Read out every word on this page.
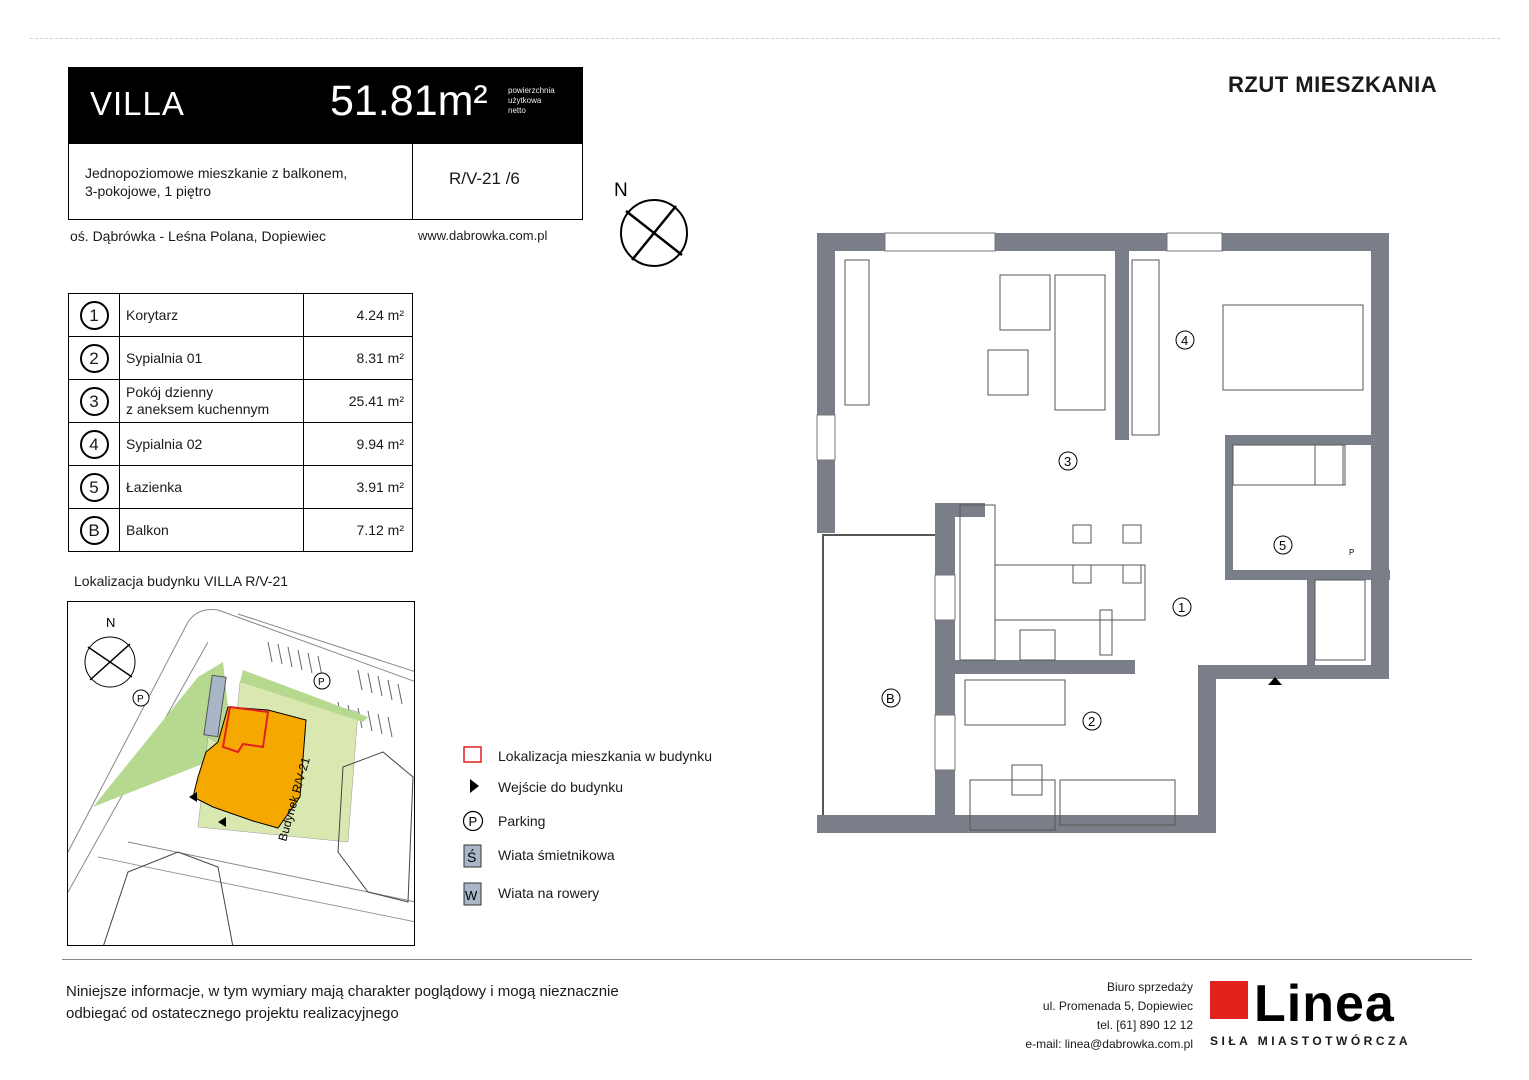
VILLA	51.81m²	powierzchnia
użytkowa
netto
Jednopoziomowe mieszkanie z balkonem,
3-pokojowe, 1 piętro
R/V-21 /6
oś. Dąbrówka - Leśna Polana, Dopiewiec	www.dabrowka.com.pl
1	Korytarz	4.24 m²
2	Sypialnia 01	8.31 m²
3	Pokój dzienny
z aneksem kuchennym	25.41 m²
4	Sypialnia 02	9.94 m²
5	Łazienka	3.91 m²
B	Balkon	7.12 m²
Lokalizacja budynku VILLA R/V-21
N
P
P
Budynek R/V-21	Lokalizacja mieszkania w budynku
Wejście do budynku
P Parking
Ś Wiata śmietnikowa
W Wiata na rowery
RZUT MIESZKANIA
N
3
1
2
4
5
B
P
Niniejsze informacje, w tym wymiary mają charakter poglądowy i mogą nieznacznie
odbiegać od ostatecznego projektu realizacyjnego
Biuro sprzedaży
ul. Promenada 5, Dopiewiec
tel. [61] 890 12 12
e-mail: linea@dabrowka.com.pl
Linea
SIŁA MIASTOTWÓRCZA
